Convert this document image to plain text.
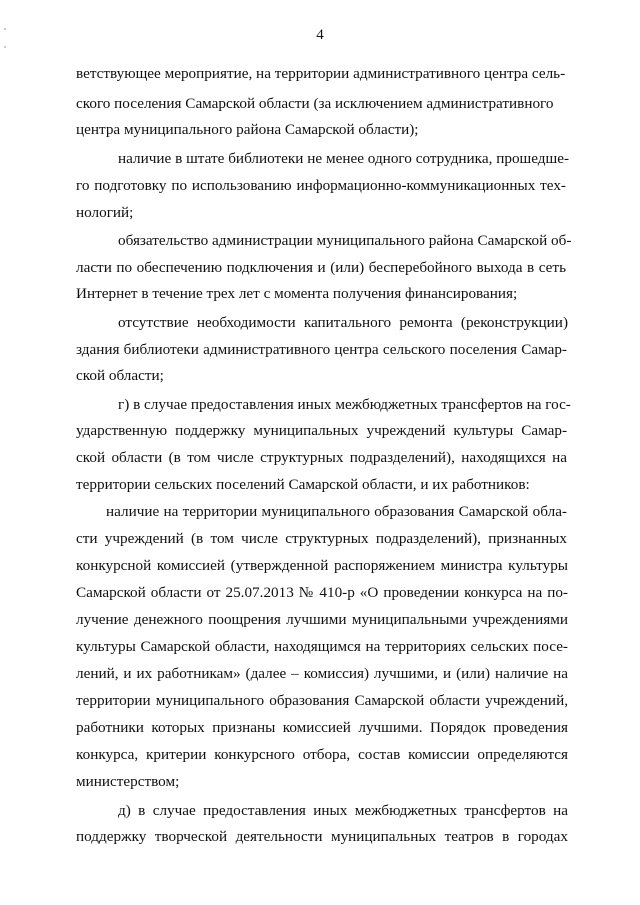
4
ветствующее мероприятие, на территории административного центра сель-
ского поселения Самарской области (за исключением административного
центра муниципального района Самарской области);
наличие в штате библиотеки не менее одного сотрудника, прошедше-
го подготовку по использованию информационно-коммуникационных тех-
нологий;
обязательство администрации муниципального района Самарской об-
ласти по обеспечению подключения и (или) бесперебойного выхода в сеть
Интернет в течение трех лет с момента получения финансирования;
отсутствие необходимости капитального ремонта (реконструкции)
здания библиотеки административного центра сельского поселения Самар-
ской области;
г) в случае предоставления иных межбюджетных трансфертов на гос-
ударственную поддержку муниципальных учреждений культуры Самар-
ской области (в том числе структурных подразделений), находящихся на
территории сельских поселений Самарской области, и их работников:
наличие на территории муниципального образования Самарской обла-
сти учреждений (в том числе структурных подразделений), признанных
конкурсной комиссией (утвержденной распоряжением министра культуры
Самарской области от 25.07.2013 № 410-р «О проведении конкурса на по-
лучение денежного поощрения лучшими муниципальными учреждениями
культуры Самарской области, находящимся на территориях сельских посе-
лений, и их работникам» (далее – комиссия) лучшими, и (или) наличие на
территории муниципального образования Самарской области учреждений,
работники которых признаны комиссией лучшими. Порядок проведения
конкурса, критерии конкурсного отбора, состав комиссии определяются
министерством;
д) в случае предоставления иных межбюджетных трансфертов на
поддержку творческой деятельности муниципальных театров в городах
